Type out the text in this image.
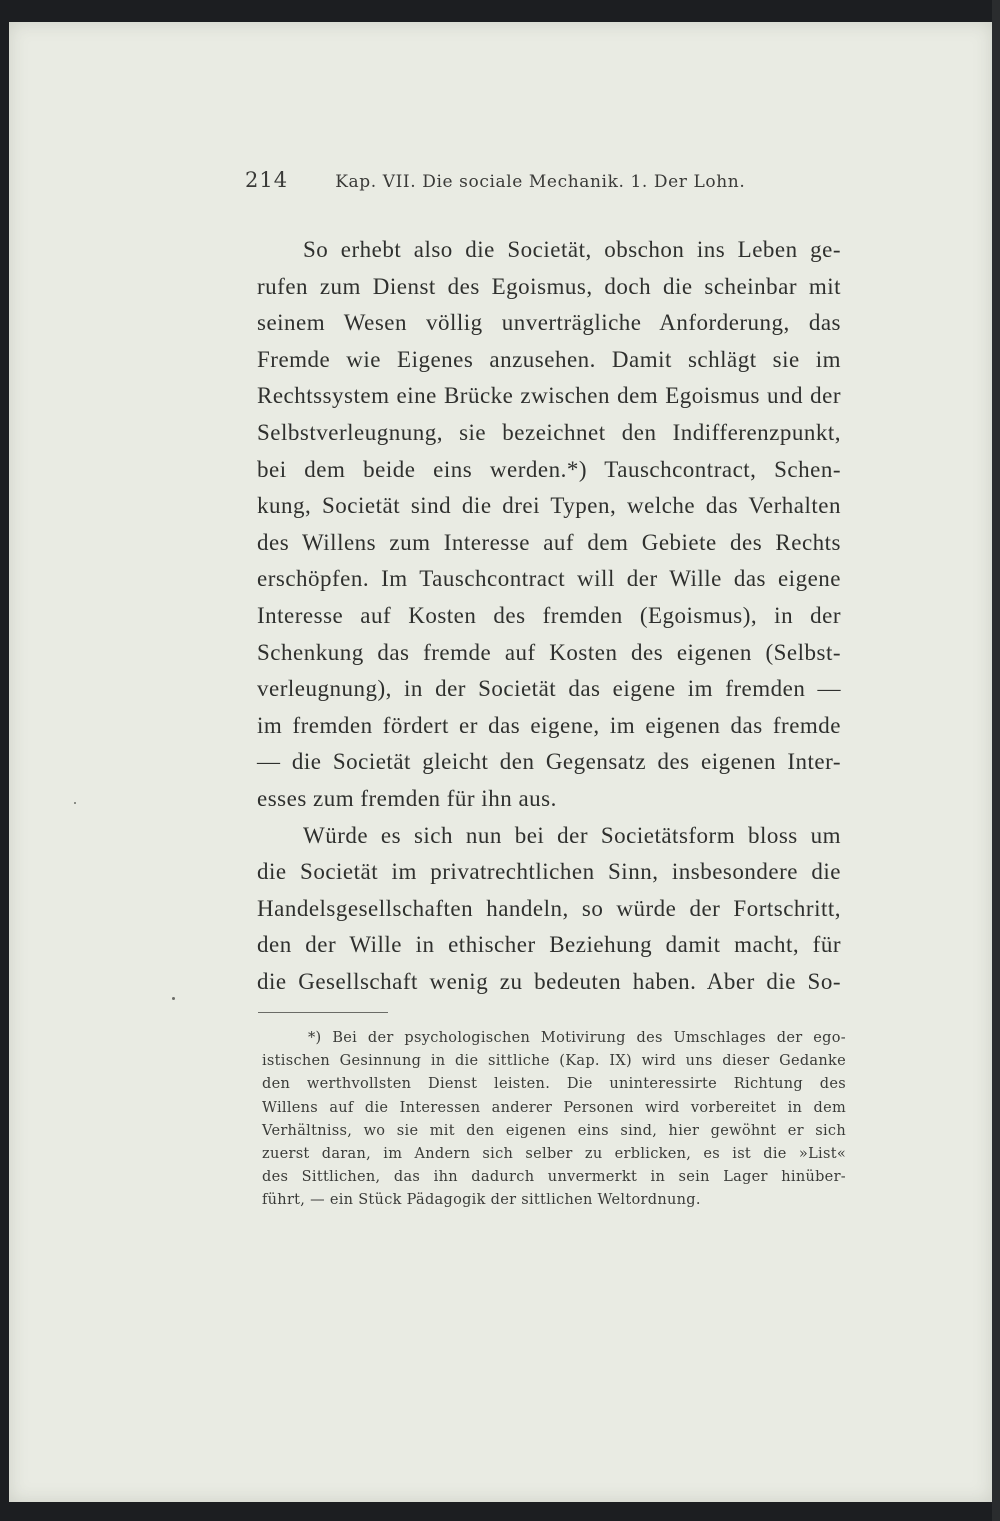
214	Kap. VII. Die sociale Mechanik. 1. Der Lohn.
So erhebt also die Societät, obschon ins Leben ge-
rufen zum Dienst des Egoismus, doch die scheinbar mit
seinem Wesen völlig unverträgliche Anforderung, das
Fremde wie Eigenes anzusehen. Damit schlägt sie im
Rechtssystem eine Brücke zwischen dem Egoismus und der
Selbstverleugnung, sie bezeichnet den Indifferenzpunkt,
bei dem beide eins werden.*) Tauschcontract, Schen-
kung, Societät sind die drei Typen, welche das Verhalten
des Willens zum Interesse auf dem Gebiete des Rechts
erschöpfen. Im Tauschcontract will der Wille das eigene
Interesse auf Kosten des fremden (Egoismus), in der
Schenkung das fremde auf Kosten des eigenen (Selbst-
verleugnung), in der Societät das eigene im fremden —
im fremden fördert er das eigene, im eigenen das fremde
— die Societät gleicht den Gegensatz des eigenen Inter-
esses zum fremden für ihn aus.
Würde es sich nun bei der Societätsform bloss um
die Societät im privatrechtlichen Sinn, insbesondere die
Handelsgesellschaften handeln, so würde der Fortschritt,
den der Wille in ethischer Beziehung damit macht, für
die Gesellschaft wenig zu bedeuten haben. Aber die So-
*) Bei der psychologischen Motivirung des Umschlages der ego-
istischen Gesinnung in die sittliche (Kap. IX) wird uns dieser Gedanke
den werthvollsten Dienst leisten. Die uninteressirte Richtung des
Willens auf die Interessen anderer Personen wird vorbereitet in dem
Verhältniss, wo sie mit den eigenen eins sind, hier gewöhnt er sich
zuerst daran, im Andern sich selber zu erblicken, es ist die »List«
des Sittlichen, das ihn dadurch unvermerkt in sein Lager hinüber-
führt, — ein Stück Pädagogik der sittlichen Weltordnung.
